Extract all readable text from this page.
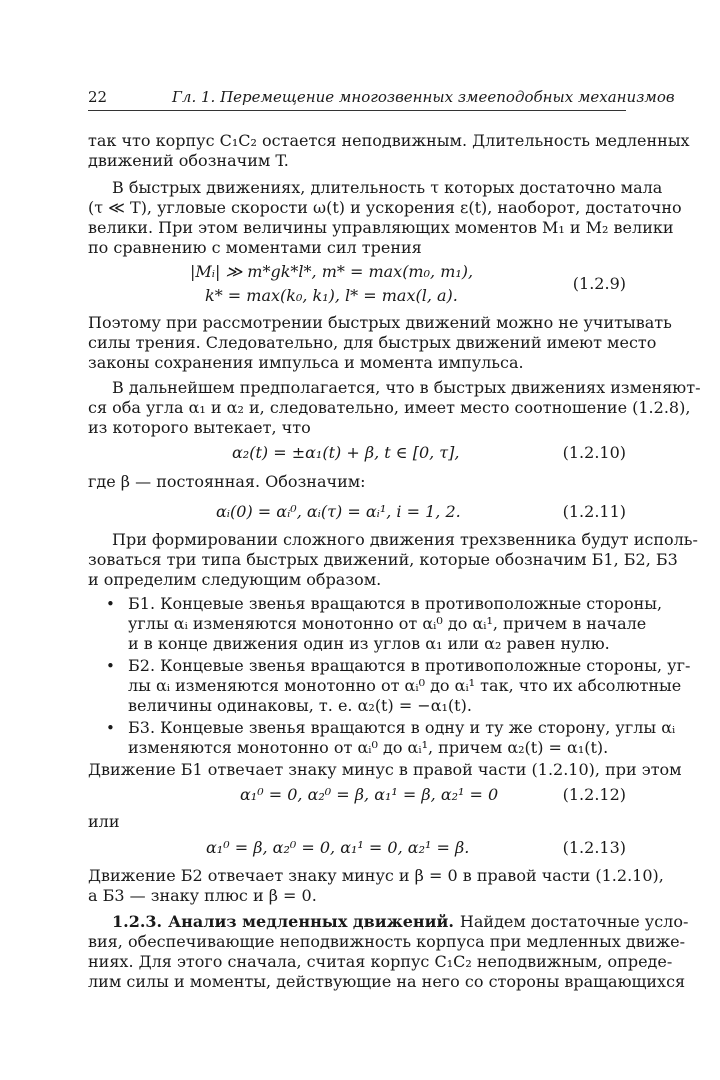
22	Гл. 1. Перемещение многозвенных змееподобных механизмов
так что корпус C₁C₂ остается неподвижным. Длительность медленных
движений обозначим T.
В быстрых движениях, длительность τ которых достаточно мала
(τ ≪ T), угловые скорости ω(t) и ускорения ε(t), наоборот, достаточно
велики. При этом величины управляющих моментов M₁ и M₂ велики
по сравнению с моментами сил трения
|Mᵢ| ≫ m*gk*l*, m* = max(m₀, m₁),
k* = max(k₀, k₁), l* = max(l, a).
(1.2.9)
Поэтому при рассмотрении быстрых движений можно не учитывать
силы трения. Следовательно, для быстрых движений имеют место
законы сохранения импульса и момента импульса.
В дальнейшем предполагается, что в быстрых движениях изменяют-
ся оба угла α₁ и α₂ и, следовательно, имеет место соотношение (1.2.8),
из которого вытекает, что
α₂(t) = ±α₁(t) + β, t ∈ [0, τ],	(1.2.10)
где β — постоянная. Обозначим:
αᵢ(0) = αᵢ⁰, αᵢ(τ) = αᵢ¹, i = 1, 2.	(1.2.11)
При формировании сложного движения трехзвенника будут исполь-
зоваться три типа быстрых движений, которые обозначим Б1, Б2, Б3
и определим следующим образом.
• Б1. Концевые звенья вращаются в противоположные стороны,
углы αᵢ изменяются монотонно от αᵢ⁰ до αᵢ¹, причем в начале
и в конце движения один из углов α₁ или α₂ равен нулю.
• Б2. Концевые звенья вращаются в противоположные стороны, уг-
лы αᵢ изменяются монотонно от αᵢ⁰ до αᵢ¹ так, что их абсолютные
величины одинаковы, т. е. α₂(t) = −α₁(t).
• Б3. Концевые звенья вращаются в одну и ту же сторону, углы αᵢ
изменяются монотонно от αᵢ⁰ до αᵢ¹, причем α₂(t) = α₁(t).
Движение Б1 отвечает знаку минус в правой части (1.2.10), при этом
α₁⁰ = 0, α₂⁰ = β, α₁¹ = β, α₂¹ = 0	(1.2.12)
или
α₁⁰ = β, α₂⁰ = 0, α₁¹ = 0, α₂¹ = β.	(1.2.13)
Движение Б2 отвечает знаку минус и β = 0 в правой части (1.2.10),
а Б3 — знаку плюс и β = 0.
1.2.3. Анализ медленных движений. Найдем достаточные усло-
вия, обеспечивающие неподвижность корпуса при медленных движе-
ниях. Для этого сначала, считая корпус C₁C₂ неподвижным, опреде-
лим силы и моменты, действующие на него со стороны вращающихся
